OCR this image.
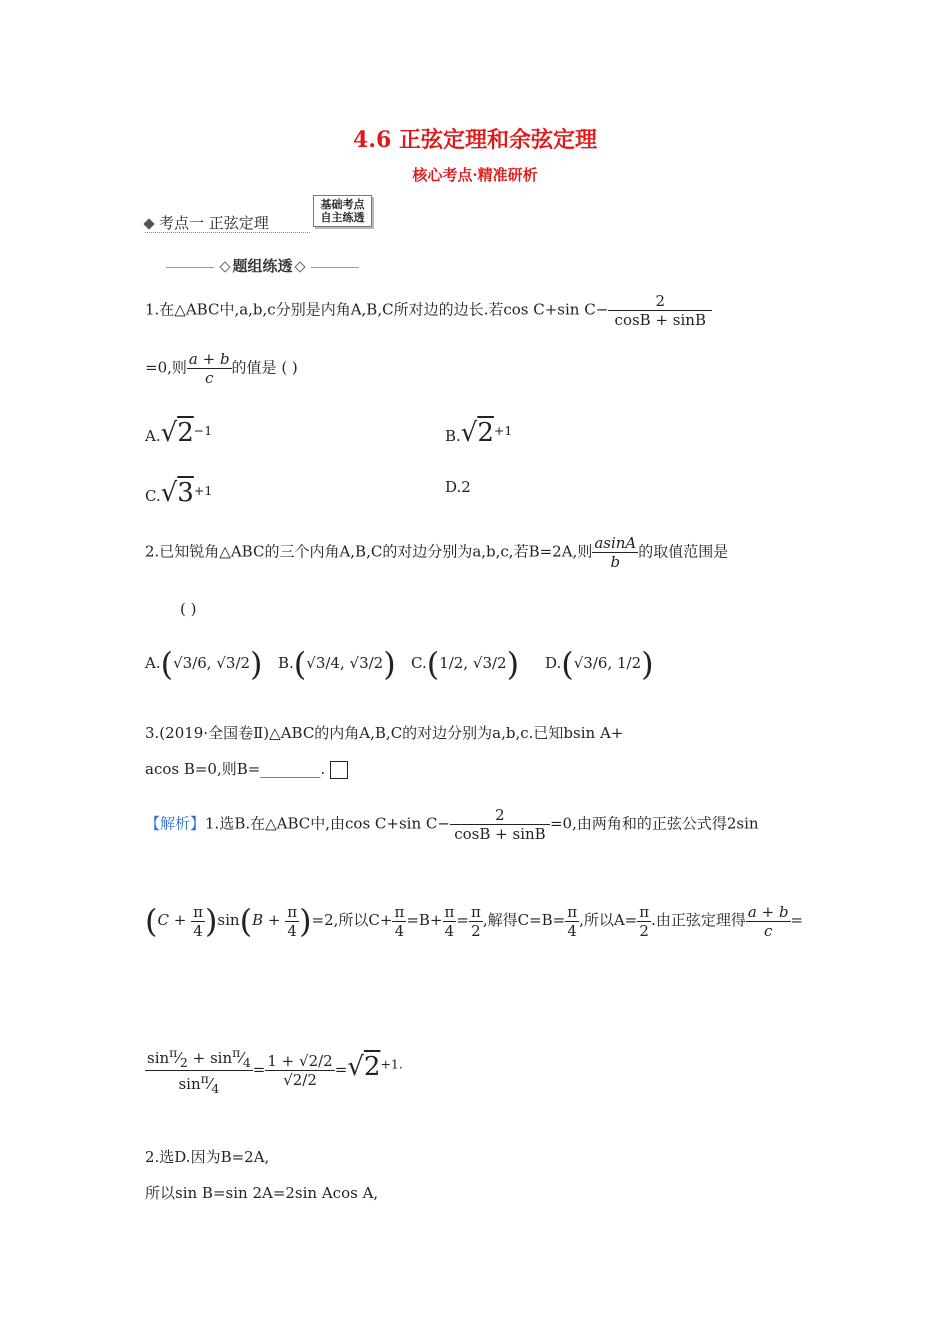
4.6 正弦定理和余弦定理
核心考点·精准研析
考点一 正弦定理
基础考点
自主练透
题组练透
1.在△ABC中,a,b,c分别是内角A,B,C所对边的边长.若cos C+sin $C- \frac{2}{\cos B + \sin B}$
=0,则 $\frac{a + b}{c}$ 的值是 ( )
$A.√2^{-1}$	$B.√2^{+1}$
$C.√3^{+1}$	D.2
2.已知锐角△ABC的三个内角A,B,C的对边分别为a,b,c,若B=2A,则 $\frac{asinA}{b}$ 的取值范围是
( )
A.(√3/6, √3/2) B.(√3/4, √3/2) C.(1/2, √3/2) D.(√3/6, 1/2)
3.(2019·全国卷Ⅱ)△ABC的内角A,B,C的对边分别为a,b,c.已知bsin A+
acos B=0,则B=________.
【解析】1.选B.在△ABC中,由cos C+sin $C- \frac{2}{\cos B + \sin B} =0$,由两角和的正弦公式得2sin
$(C + \frac{\pi}{4} )\sin(B + \frac{\pi}{4} )=2$,所以$C+ \frac{\pi}{4} =B+ \frac{\pi}{4} = \frac{\pi}{2}$ ,解得$C=B= \frac{\pi}{4}$ ,所以$A= \frac{\pi}{2}$ .由正弦定理得 $\frac{a + b}{c}$ =
$\frac{\sin^\pi⁄_2 + \sin^\pi⁄_4}{\sin^\pi⁄_4} = \frac{1 + √2/2}{√2/2} =√2^{+1.}$
2.选D.因为B=2A,
所以sin B=sin 2A=2sin Acos A,
